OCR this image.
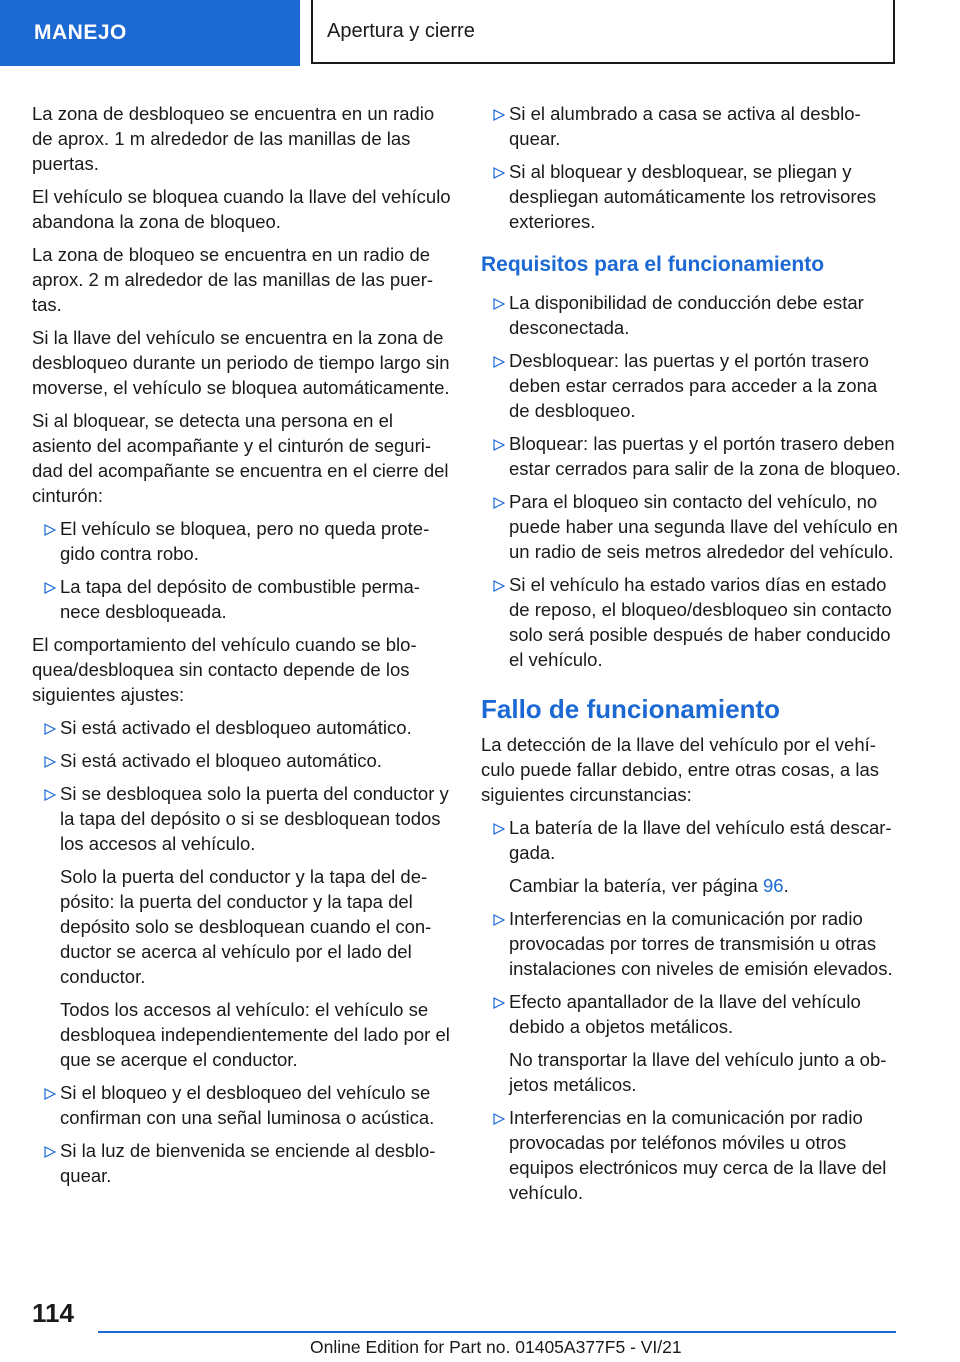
MANEJO	Apertura y cierre

La zona de desbloqueo se encuentra en un radio de aprox. 1 m alrededor de las manillas de las puertas.

El vehículo se bloquea cuando la llave del vehículo abandona la zona de bloqueo.

La zona de bloqueo se encuentra en un radio de aprox. 2 m alrededor de las manillas de las puertas.

Si la llave del vehículo se encuentra en la zona de desbloqueo durante un periodo de tiempo largo sin moverse, el vehículo se bloquea automáticamente.

Si al bloquear, se detecta una persona en el asiento del acompañante y el cinturón de seguridad del acompañante se encuentra en el cierre del cinturón:

El vehículo se bloquea, pero no queda protegido contra robo.
La tapa del depósito de combustible permanece desbloqueada.

El comportamiento del vehículo cuando se bloquea/desbloquea sin contacto depende de los siguientes ajustes:

Si está activado el desbloqueo automático.
Si está activado el bloqueo automático.
Si se desbloquea solo la puerta del conductor y la tapa del depósito o si se desbloquean todos los accesos al vehículo.

Solo la puerta del conductor y la tapa del depósito: la puerta del conductor y la tapa del depósito solo se desbloquean cuando el conductor se acerca al vehículo por el lado del conductor.

Todos los accesos al vehículo: el vehículo se desbloquea independientemente del lado por el que se acerque el conductor.

Si el bloqueo y el desbloqueo del vehículo se confirman con una señal luminosa o acústica.
Si la luz de bienvenida se enciende al desbloquear.
Si el alumbrado a casa se activa al desbloquear.
Si al bloquear y desbloquear, se pliegan y despliegan automáticamente los retrovisores exteriores.
Requisitos para el funcionamiento
La disponibilidad de conducción debe estar desconectada.
Desbloquear: las puertas y el portón trasero deben estar cerrados para acceder a la zona de desbloqueo.
Bloquear: las puertas y el portón trasero deben estar cerrados para salir de la zona de bloqueo.
Para el bloqueo sin contacto del vehículo, no puede haber una segunda llave del vehículo en un radio de seis metros alrededor del vehículo.
Si el vehículo ha estado varios días en estado de reposo, el bloqueo/desbloqueo sin contacto solo será posible después de haber conducido el vehículo.
Fallo de funcionamiento

La detección de la llave del vehículo por el vehículo puede fallar debido, entre otras cosas, a las siguientes circunstancias:

La batería de la llave del vehículo está descargada.

Cambiar la batería, ver página 96.

Interferencias en la comunicación por radio provocadas por torres de transmisión u otras instalaciones con niveles de emisión elevados.
Efecto apantallador de la llave del vehículo debido a objetos metálicos.

No transportar la llave del vehículo junto a objetos metálicos.

Interferencias en la comunicación por radio provocadas por teléfonos móviles u otros equipos electrónicos muy cerca de la llave del vehículo.
114
Online Edition for Part no. 01405A377F5 - VI/21
